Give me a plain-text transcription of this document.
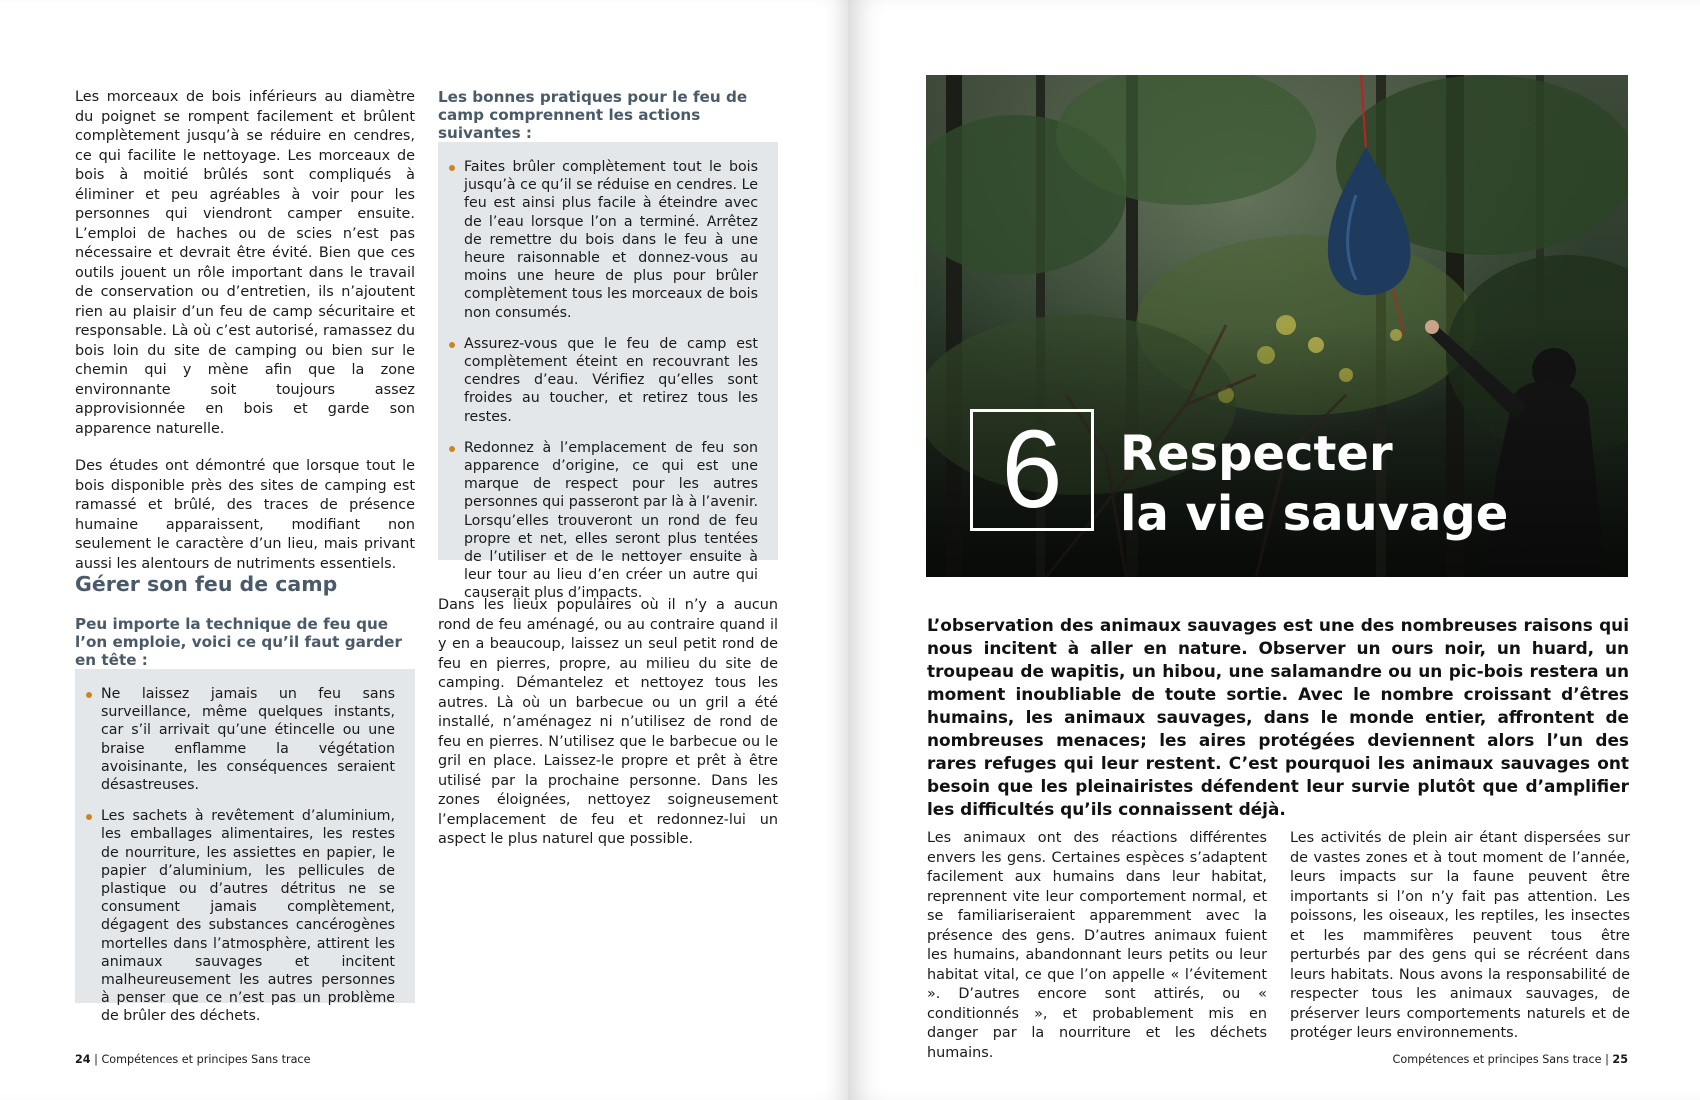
Les morceaux de bois inférieurs au diamètre du poignet se rompent facilement et brûlent complètement jusqu’à se réduire en cendres, ce qui facilite le nettoyage. Les morceaux de bois à moitié brûlés sont compliqués à éliminer et peu agréables à voir pour les personnes qui viendront camper ensuite. L’emploi de haches ou de scies n’est pas nécessaire et devrait être évité. Bien que ces outils jouent un rôle important dans le travail de conservation ou d’entretien, ils n’ajoutent rien au plaisir d’un feu de camp sécuritaire et responsable. Là où c’est autorisé, ramassez du bois loin du site de camping ou bien sur le chemin qui y mène afin que la zone environnante soit toujours assez approvisionnée en bois et garde son apparence naturelle.

Des études ont démontré que lorsque tout le bois disponible près des sites de camping est ramassé et brûlé, des traces de présence humaine apparaissent, modifiant non seulement le caractère d’un lieu, mais privant aussi les alentours de nutriments essentiels.

Gérer son feu de camp
Peu importe la technique de feu que l’on emploie, voici ce qu’il faut garder en tête :
Ne laissez jamais un feu sans surveillance, même quelques instants, car s’il arrivait qu’une étincelle ou une braise enflamme la végétation avoisinante, les conséquences seraient désastreuses.
Les sachets à revêtement d’aluminium, les emballages alimentaires, les restes de nourriture, les assiettes en papier, le papier d’aluminium, les pellicules de plastique ou d’autres détritus ne se consument jamais complètement, dégagent des substances cancérogènes mortelles dans l’atmosphère, attirent les animaux sauvages et incitent malheureusement les autres personnes à penser que ce n’est pas un problème de brûler des déchets.
Les bonnes pratiques pour le feu de camp comprennent les actions suivantes :
Faites brûler complètement tout le bois jusqu’à ce qu’il se réduise en cendres. Le feu est ainsi plus facile à éteindre avec de l’eau lorsque l’on a terminé. Arrêtez de remettre du bois dans le feu à une heure raisonnable et donnez-vous au moins une heure de plus pour brûler complètement tous les morceaux de bois non consumés.
Assurez-vous que le feu de camp est complètement éteint en recouvrant les cendres d’eau. Vérifiez qu’elles sont froides au toucher, et retirez tous les restes.
Redonnez à l’emplacement de feu son apparence d’origine, ce qui est une marque de respect pour les autres personnes qui passeront par là à l’avenir. Lorsqu’elles trouveront un rond de feu propre et net, elles seront plus tentées de l’utiliser et de le nettoyer ensuite à leur tour au lieu d’en créer un autre qui causerait plus d’impacts.

Dans les lieux populaires où il n’y a aucun rond de feu aménagé, ou au contraire quand il y en a beaucoup, laissez un seul petit rond de feu en pierres, propre, au milieu du site de camping. Démantelez et nettoyez tous les autres. Là où un barbecue ou un gril a été installé, n’aménagez ni n’utilisez de rond de feu en pierres. N’utilisez que le barbecue ou le gril en place. Laissez-le propre et prêt à être utilisé par la prochaine personne. Dans les zones éloignées, nettoyez soigneusement l’emplacement de feu et redonnez-lui un aspect le plus naturel que possible.

24 | Compétences et principes Sans trace	Compétences et principes Sans trace | 25
6	Respecter
la vie sauvage
L’observation des animaux sauvages est une des nombreuses raisons qui nous incitent à aller en nature. Observer un ours noir, un huard, un troupeau de wapitis, un hibou, une salamandre ou un pic-bois restera un moment inoubliable de toute sortie. Avec le nombre croissant d’êtres humains, les animaux sauvages, dans le monde entier, affrontent de nombreuses menaces; les aires protégées deviennent alors l’un des rares refuges qui leur restent. C’est pourquoi les animaux sauvages ont besoin que les pleinairistes défendent leur survie plutôt que d’amplifier les difficultés qu’ils connaissent déjà.

Les animaux ont des réactions différentes envers les gens. Certaines espèces s’adaptent facilement aux humains dans leur habitat, reprennent vite leur comportement normal, et se familiariseraient apparemment avec la présence des gens. D’autres animaux fuient les humains, abandonnant leurs petits ou leur habitat vital, ce que l’on appelle « l’évitement ». D’autres encore sont attirés, ou « conditionnés », et probablement mis en danger par la nourriture et les déchets humains.

Les activités de plein air étant dispersées sur de vastes zones et à tout moment de l’année, leurs impacts sur la faune peuvent être importants si l’on n’y fait pas attention. Les poissons, les oiseaux, les reptiles, les insectes et les mammifères peuvent tous être perturbés par des gens qui se récréent dans leurs habitats. Nous avons la responsabilité de respecter tous les animaux sauvages, de préserver leurs comportements naturels et de protéger leurs environnements.
